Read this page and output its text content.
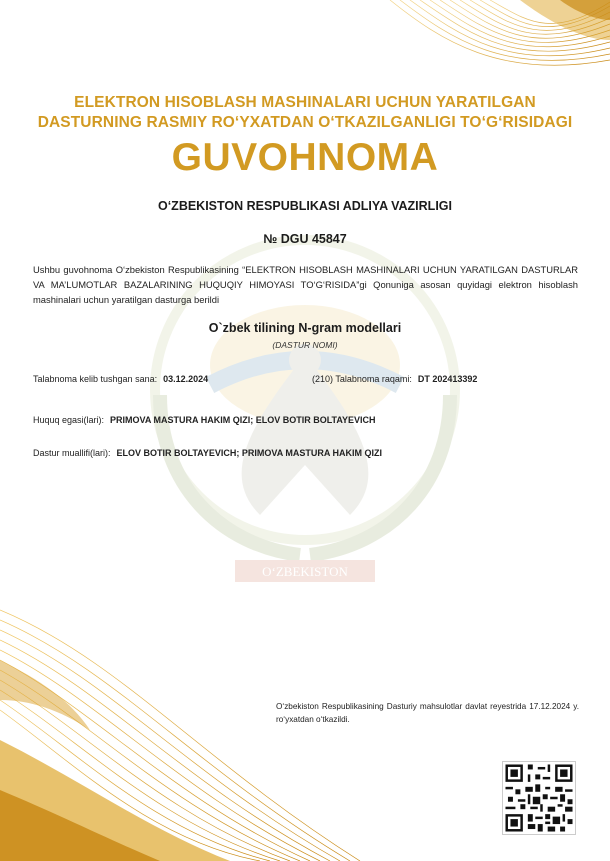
O‘ZBEKISTON
ELEKTRON HISOBLASH MASHINALARI UCHUN YARATILGAN
DASTURNING RASMIY RO‘YXATDAN O‘TKAZILGANLIGI TO‘G‘RISIDAGI
GUVOHNOMA
O‘ZBEKISTON RESPUBLIKASI ADLIYA VAZIRLIGI
№ DGU 45847
Ushbu guvohnoma O‘zbekiston Respublikasining “ELEKTRON HISOBLASH MASHINALARI UCHUN YARATILGAN DASTURLAR VA MA’LUMOTLAR BAZALARINING HUQUQIY HIMOYASI TO‘G‘RISIDA”gi Qonuniga asosan quyidagi elektron hisoblash mashinalari uchun yaratilgan dasturga berildi
O`zbek tilining N-gram modellari
(DASTUR NOMI)
Talabnoma kelib tushgan sana: 03.12.2024	(210) Talabnoma raqami: DT 202413392
Huquq egasi(lari): PRIMOVA MASTURA HAKIM QIZI; ELOV BOTIR BOLTAYEVICH
Dastur muallifi(lari): ELOV BOTIR BOLTAYEVICH; PRIMOVA MASTURA HAKIM QIZI
O‘zbekiston Respublikasining Dasturiy mahsulotlar davlat reyestrida 17.12.2024 y. ro‘yxatdan o‘tkazildi.
